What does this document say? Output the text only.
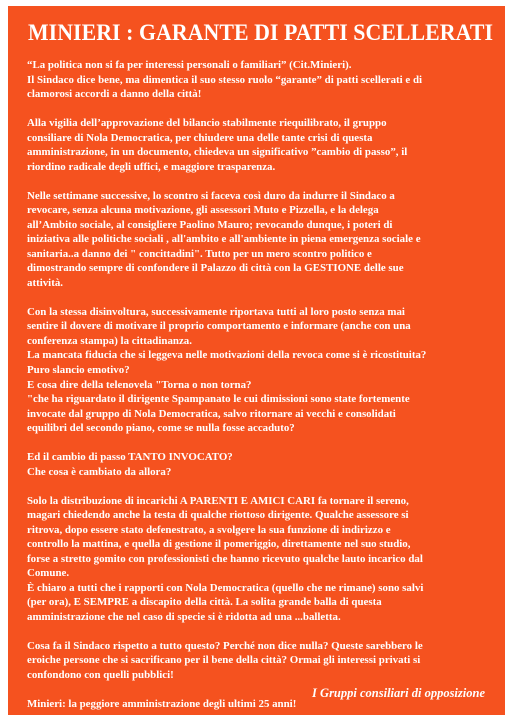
MINIERI : GARANTE DI PATTI SCELLERATI
“La politica non si fa per interessi personali o familiari” (Cit.Minieri).
Il Sindaco dice bene, ma dimentica il suo stesso ruolo “garante” di patti scellerati e di
clamorosi accordi a danno della città!
Alla vigilia dell’approvazione del bilancio stabilmente riequilibrato, il gruppo
consiliare di Nola Democratica, per chiudere una delle tante crisi di questa
amministrazione, in un documento, chiedeva un significativo ”cambio di passo”, il
riordino radicale degli uffici, e maggiore trasparenza.
Nelle settimane successive, lo scontro si faceva così duro da indurre il Sindaco a
revocare, senza alcuna motivazione, gli assessori Muto e Pizzella, e la delega
all’Ambito sociale, al consigliere Paolino Mauro; revocando dunque, i poteri di
iniziativa alle politiche sociali , all'ambito e all'ambiente in piena emergenza sociale e
sanitaria..a danno dei " concittadini". Tutto per un mero scontro politico e
dimostrando sempre di confondere il Palazzo di città con la GESTIONE delle sue
attività.
Con la stessa disinvoltura, successivamente riportava tutti al loro posto senza mai
sentire il dovere di motivare il proprio comportamento e informare (anche con una
conferenza stampa) la cittadinanza.
La mancata fiducia che si leggeva nelle motivazioni della revoca come si è ricostituita?
Puro slancio emotivo?
E cosa dire della telenovela "Torna o non torna?
"che ha riguardato il dirigente Spampanato le cui dimissioni sono state fortemente
invocate dal gruppo di Nola Democratica, salvo ritornare ai vecchi e consolidati
equilibri del secondo piano, come se nulla fosse accaduto?
Ed il cambio di passo TANTO INVOCATO?
Che cosa è cambiato da allora?
Solo la distribuzione di incarichi A PARENTI E AMICI CARI fa tornare il sereno,
magari chiedendo anche la testa di qualche riottoso dirigente. Qualche assessore si
ritrova, dopo essere stato defenestrato, a svolgere la sua funzione di indirizzo e
controllo la mattina, e quella di gestione il pomeriggio, direttamente nel suo studio,
forse a stretto gomito con professionisti che hanno ricevuto qualche lauto incarico dal
Comune.
È chiaro a tutti che i rapporti con Nola Democratica (quello che ne rimane) sono salvi
(per ora), E SEMPRE a discapito della città. La solita grande balla di questa
amministrazione che nel caso di specie si è ridotta ad una ...balletta.
Cosa fa il Sindaco rispetto a tutto questo? Perché non dice nulla? Queste sarebbero le
eroiche persone che si sacrificano per il bene della città? Ormai gli interessi privati si
confondono con quelli pubblici!
Minieri: la peggiore amministrazione degli ultimi 25 anni!
I Gruppi consiliari di opposizione
